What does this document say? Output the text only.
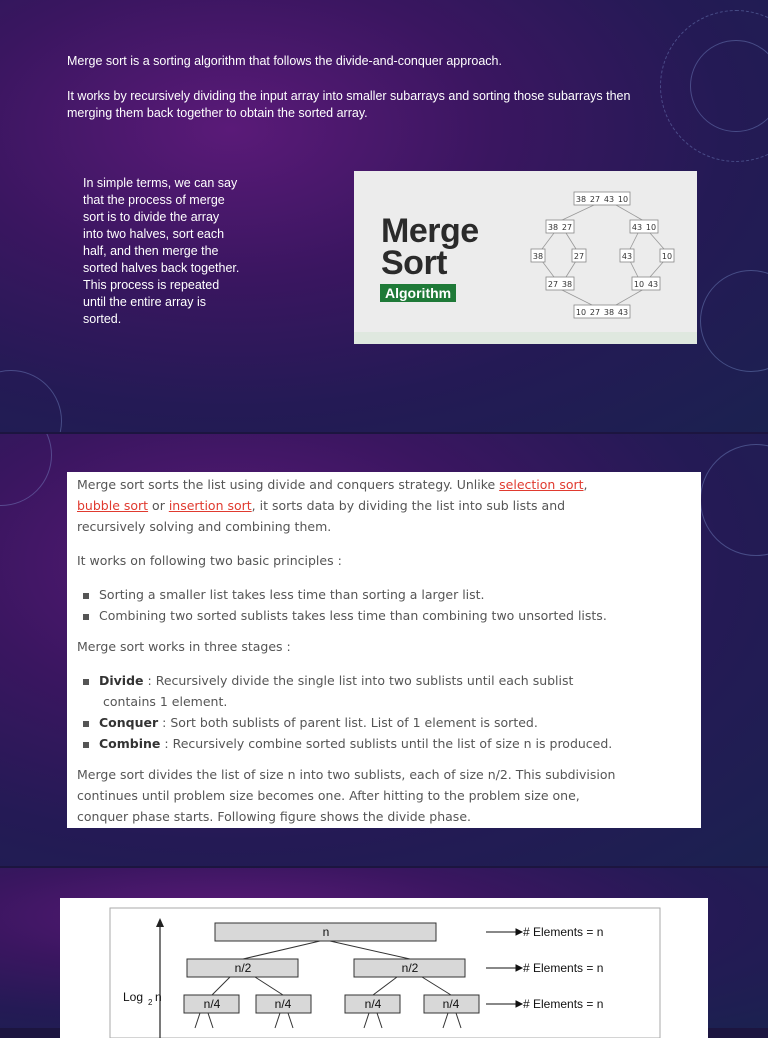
Merge sort is a sorting algorithm that follows the divide-and-conquer approach.
It works by recursively dividing the input array into smaller subarrays and sorting those subarrays then
merging them back together to obtain the sorted array.
In simple terms, we can say
that the process of merge
sort is to divide the array
into two halves, sort each
half, and then merge the
sorted halves back together.
This process is repeated
until the entire array is
sorted.
Merge
Sort
Algorithm
38 27 43 10
38 27	43 10
38	27	43	10
27 38	10 43
10 27 38 43
Merge sort sorts the list using divide and conquers strategy. Unlike selection sort,
bubble sort or insertion sort, it sorts data by dividing the list into sub lists and
recursively solving and combining them.
It works on following two basic principles :
Sorting a smaller list takes less time than sorting a larger list.
Combining two sorted sublists takes less time than combining two unsorted lists.
Merge sort works in three stages :
Divide : Recursively divide the single list into two sublists until each sublist
contains 1 element.
Conquer : Sort both sublists of parent list. List of 1 element is sorted.
Combine : Recursively combine sorted sublists until the list of size n is produced.
Merge sort divides the list of size n into two sublists, each of size n/2. This subdivision
continues until problem size becomes one. After hitting to the problem size one,
conquer phase starts. Following figure shows the divide phase.
n
n/2	n/2
n/4	n/4	n/4	n/4
Log 2 n
# Elements = n
# Elements = n
# Elements = n
